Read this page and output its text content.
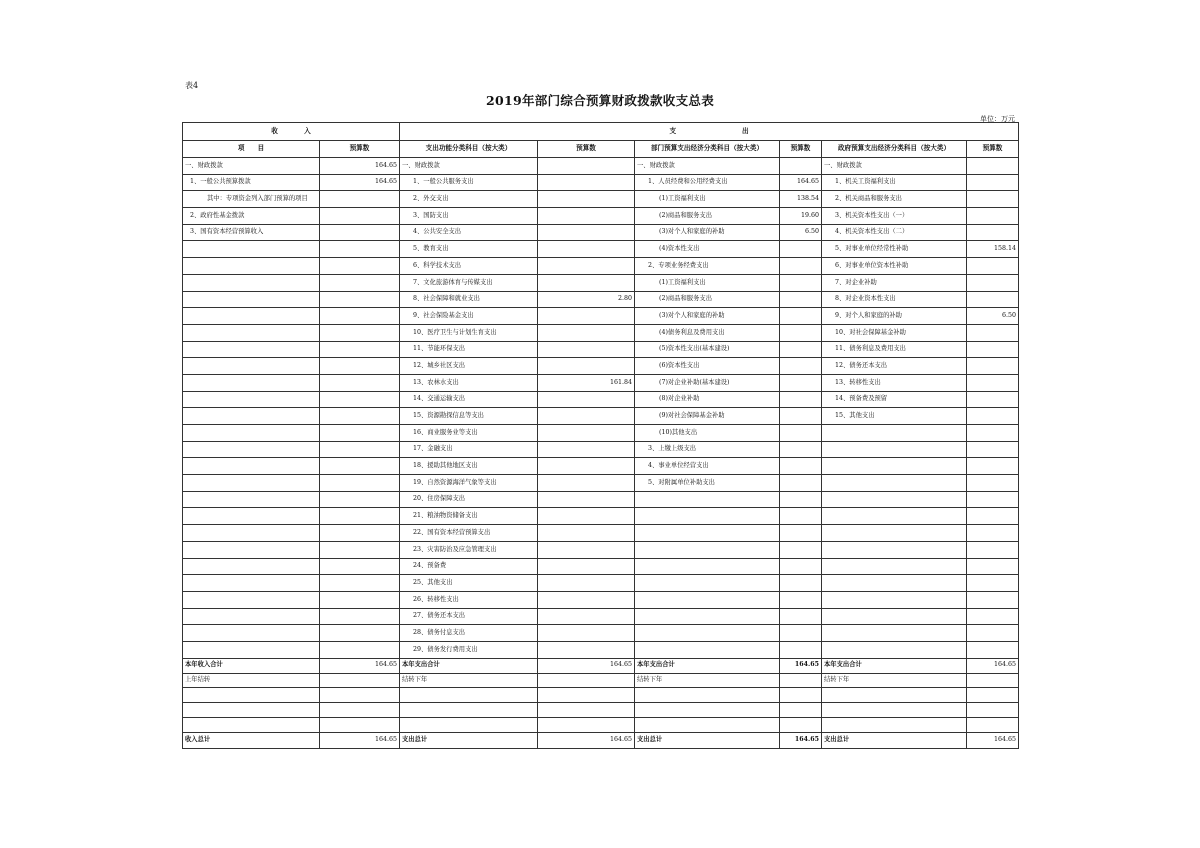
表4
2019年部门综合预算财政拨款收支总表
单位：万元
收　　　　入		支　　　　　　　　　　出					
项　　目	预算数	支出功能分类科目（按大类）	预算数	部门预算支出经济分类科目（按大类）	预算数	政府预算支出经济分类科目（按大类）	预算数
一、财政拨款	164.65	一、财政拨款		一、财政拨款		一、财政拨款	
1、一般公共预算拨款	164.65	1、一般公共服务支出		1、人员经费和公用经费支出	164.65	1、机关工资福利支出	
其中：专项资金列入部门预算的项目		2、外交支出		(1)工资福利支出	138.54	2、机关商品和服务支出	
2、政府性基金拨款		3、国防支出		(2)商品和服务支出	19.60	3、机关资本性支出（一）	
3、国有资本经营预算收入		4、公共安全支出		(3)对个人和家庭的补助	6.50	4、机关资本性支出（二）	
		5、教育支出		(4)资本性支出		5、对事业单位经常性补助	158.14
		6、科学技术支出		2、专项业务经费支出		6、对事业单位资本性补助	
		7、文化旅游体育与传媒支出		(1)工资福利支出		7、对企业补助	
		8、社会保障和就业支出	2.80	(2)商品和服务支出		8、对企业资本性支出	
		9、社会保险基金支出		(3)对个人和家庭的补助		9、对个人和家庭的补助	6.50
		10、医疗卫生与计划生育支出		(4)债务利息及费用支出		10、对社会保障基金补助	
		11、节能环保支出		(5)资本性支出(基本建设)		11、债务利息及费用支出	
		12、城乡社区支出		(6)资本性支出		12、债务还本支出	
		13、农林水支出	161.84	(7)对企业补助(基本建设)		13、转移性支出	
		14、交通运输支出		(8)对企业补助		14、预备费及预留	
		15、资源勘探信息等支出		(9)对社会保障基金补助		15、其他支出	
		16、商业服务业等支出		(10)其他支出			
		17、金融支出		3、上缴上级支出			
		18、援助其他地区支出		4、事业单位经营支出			
		19、自然资源海洋气象等支出		5、对附属单位补助支出			
		20、住房保障支出					
		21、粮油物资储备支出					
		22、国有资本经营预算支出					
		23、灾害防治及应急管理支出					
		24、预备费					
		25、其他支出					
		26、转移性支出					
		27、债务还本支出					
		28、债务付息支出					
		29、债务发行费用支出					
本年收入合计	164.65	本年支出合计	164.65	本年支出合计	164.65	本年支出合计	164.65
上年结转		结转下年		结转下年		结转下年	

收入总计	164.65	支出总计	164.65	支出总计	164.65	支出总计	164.65
